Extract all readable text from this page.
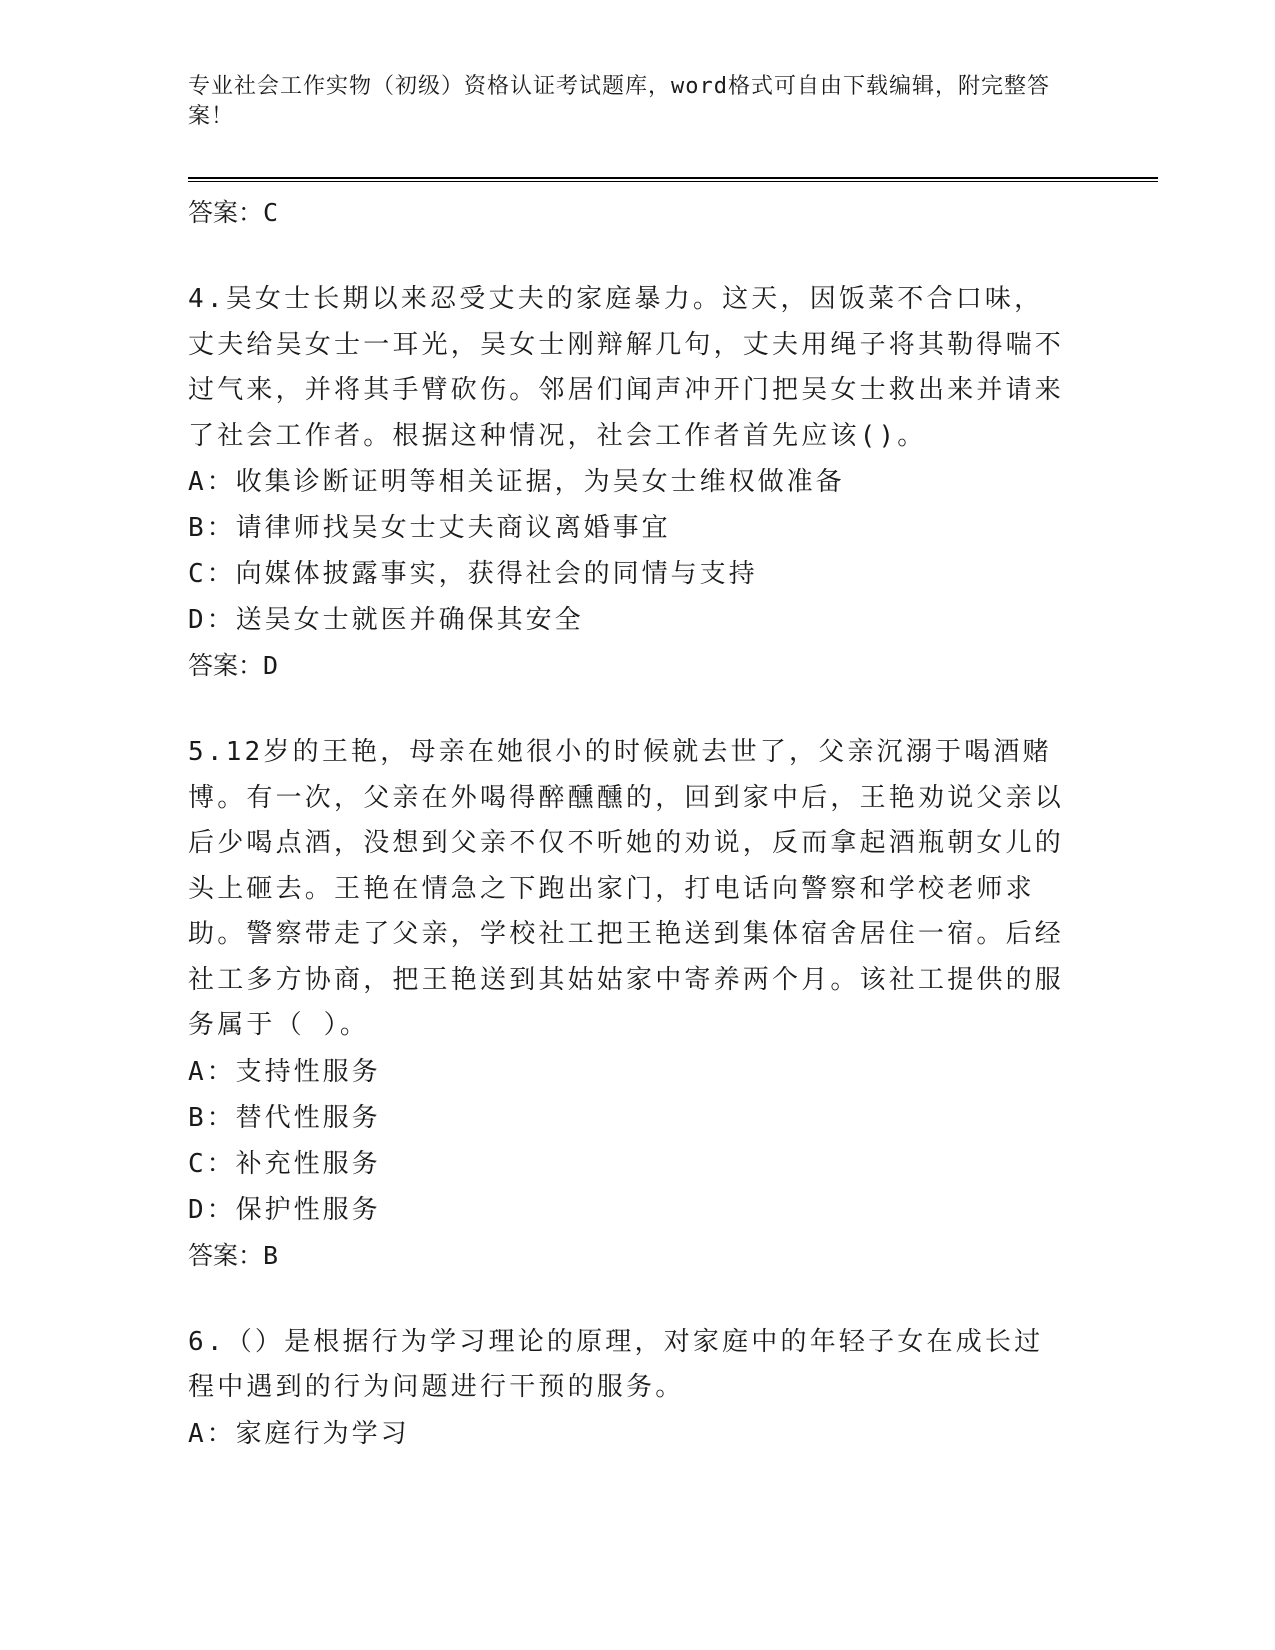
专业社会工作实物（初级）资格认证考试题库，word格式可自由下载编辑，附完整答案！
答案：C

4.吴女士长期以来忍受丈夫的家庭暴力。这天，因饭菜不合口味，丈夫给吴女士一耳光，吴女士刚辩解几句，丈夫用绳子将其勒得喘不过气来，并将其手臂砍伤。邻居们闻声冲开门把吴女士救出来并请来了社会工作者。根据这种情况，社会工作者首先应该()。

A：收集诊断证明等相关证据，为吴女士维权做准备
B：请律师找吴女士丈夫商议离婚事宜
C：向媒体披露事实，获得社会的同情与支持
D：送吴女士就医并确保其安全
答案：D

5.12岁的王艳，母亲在她很小的时候就去世了，父亲沉溺于喝酒赌博。有一次，父亲在外喝得醉醺醺的，回到家中后，王艳劝说父亲以后少喝点酒，没想到父亲不仅不听她的劝说，反而拿起酒瓶朝女儿的头上砸去。王艳在情急之下跑出家门，打电话向警察和学校老师求助。警察带走了父亲，学校社工把王艳送到集体宿舍居住一宿。后经社工多方协商，把王艳送到其姑姑家中寄养两个月。该社工提供的服务属于（ ）。

A：支持性服务
B：替代性服务
C：补充性服务
D：保护性服务
答案：B

6.（）是根据行为学习理论的原理，对家庭中的年轻子女在成长过程中遇到的行为问题进行干预的服务。

A：家庭行为学习
